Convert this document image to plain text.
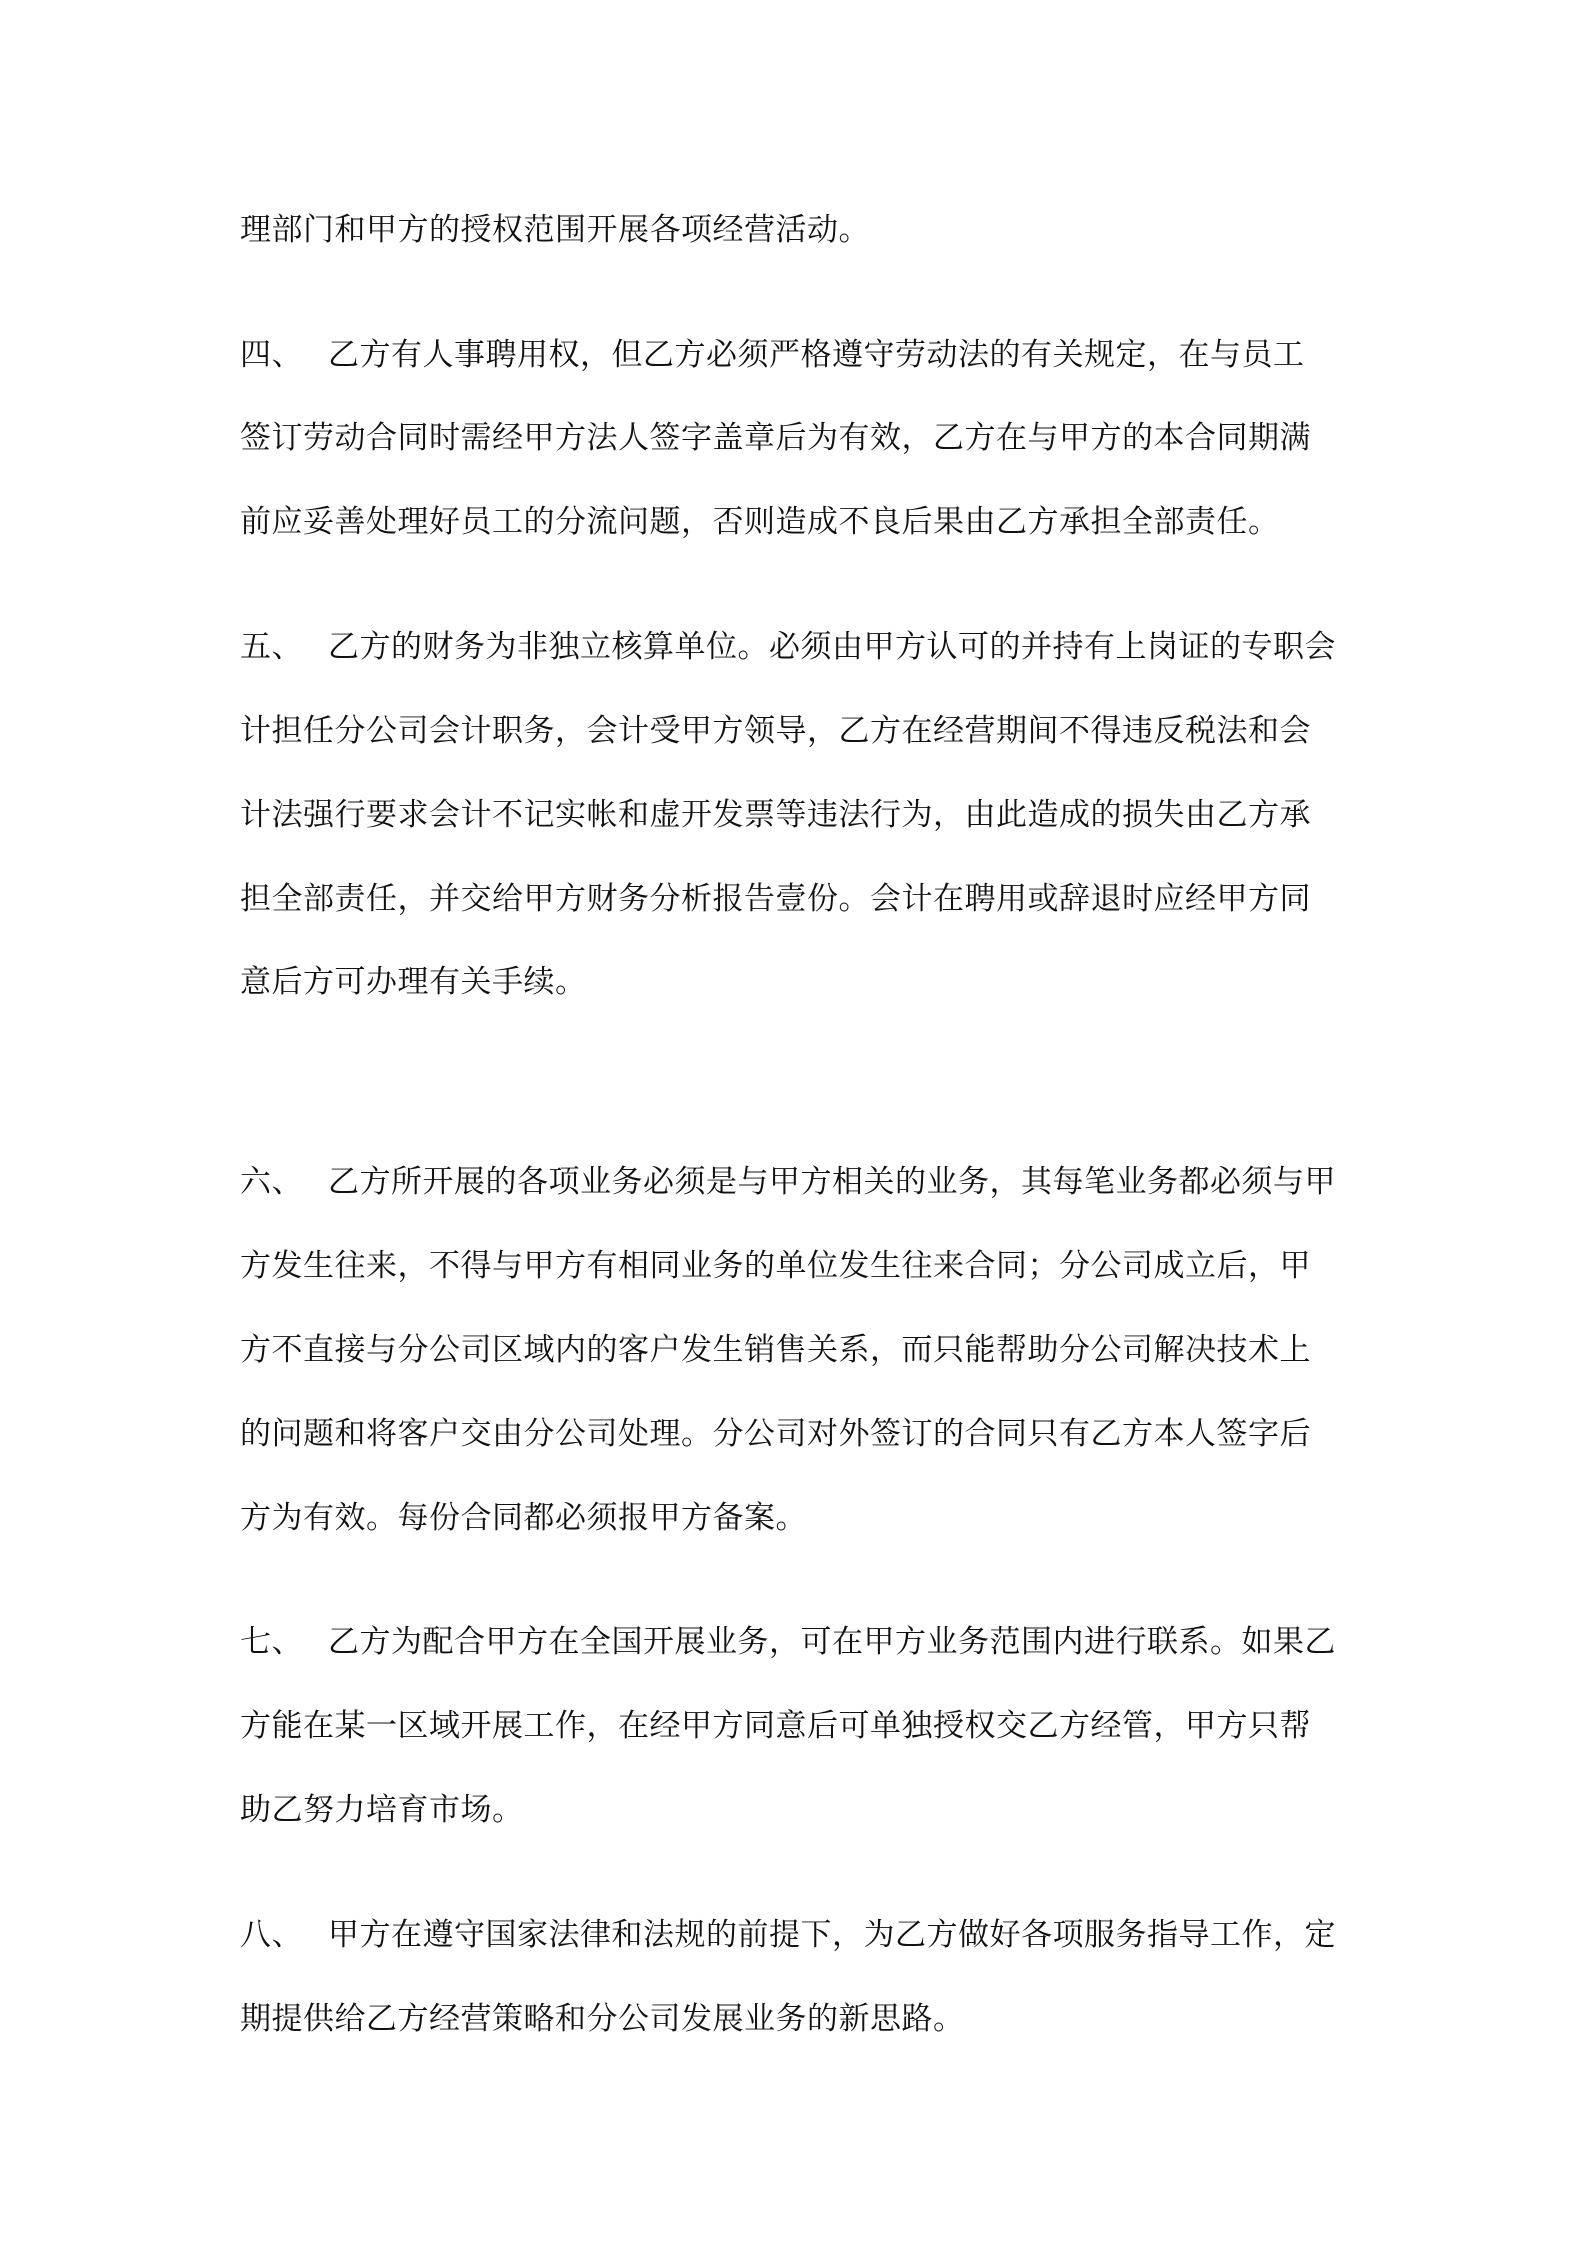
理部门和甲方的授权范围开展各项经营活动。
四、 乙方有人事聘用权，但乙方必须严格遵守劳动法的有关规定，在与员工
签订劳动合同时需经甲方法人签字盖章后为有效，乙方在与甲方的本合同期满
前应妥善处理好员工的分流问题，否则造成不良后果由乙方承担全部责任。
五、 乙方的财务为非独立核算单位。必须由甲方认可的并持有上岗证的专职会
计担任分公司会计职务，会计受甲方领导，乙方在经营期间不得违反税法和会
计法强行要求会计不记实帐和虚开发票等违法行为，由此造成的损失由乙方承
担全部责任，并交给甲方财务分析报告壹份。会计在聘用或辞退时应经甲方同
意后方可办理有关手续。
六、 乙方所开展的各项业务必须是与甲方相关的业务，其每笔业务都必须与甲
方发生往来，不得与甲方有相同业务的单位发生往来合同；分公司成立后，甲
方不直接与分公司区域内的客户发生销售关系，而只能帮助分公司解决技术上
的问题和将客户交由分公司处理。分公司对外签订的合同只有乙方本人签字后
方为有效。每份合同都必须报甲方备案。
七、 乙方为配合甲方在全国开展业务，可在甲方业务范围内进行联系。如果乙
方能在某一区域开展工作，在经甲方同意后可单独授权交乙方经管，甲方只帮
助乙努力培育市场。
八、 甲方在遵守国家法律和法规的前提下，为乙方做好各项服务指导工作，定
期提供给乙方经营策略和分公司发展业务的新思路。
